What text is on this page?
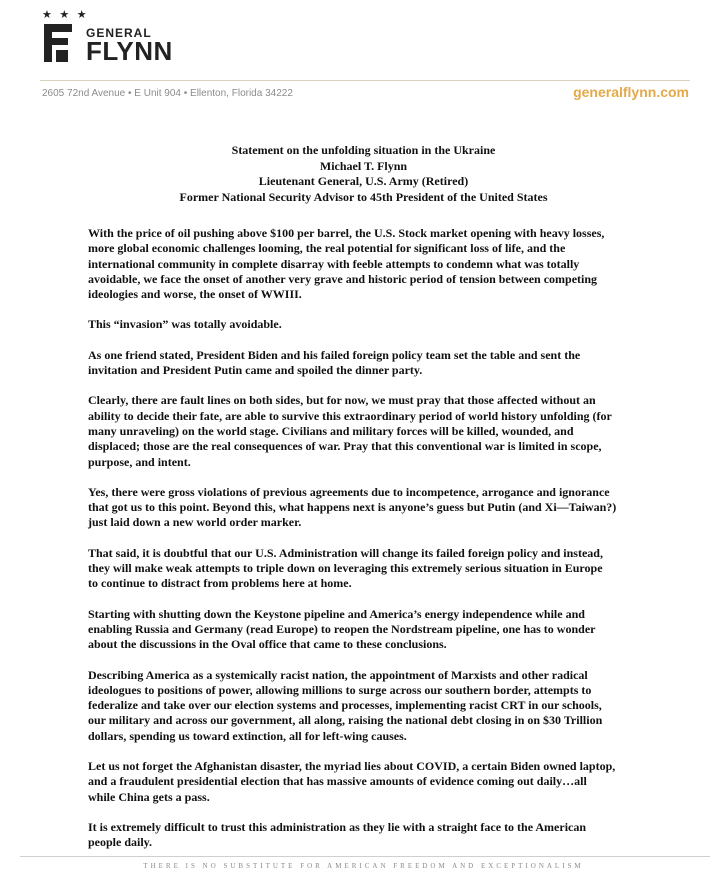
★ ★ ★
GENERAL
FLYNN
2605 72nd Avenue • E Unit 904 • Ellenton, Florida 34222	generalflynn.com
Statement on the unfolding situation in the Ukraine
Michael T. Flynn
Lieutenant General, U.S. Army (Retired)
Former National Security Advisor to 45th President of the United States
With the price of oil pushing above $100 per barrel, the U.S. Stock market opening with heavy losses,
more global economic challenges looming, the real potential for significant loss of life, and the
international community in complete disarray with feeble attempts to condemn what was totally
avoidable, we face the onset of another very grave and historic period of tension between competing
ideologies and worse, the onset of WWIII.
This “invasion” was totally avoidable.
As one friend stated, President Biden and his failed foreign policy team set the table and sent the
invitation and President Putin came and spoiled the dinner party.
Clearly, there are fault lines on both sides, but for now, we must pray that those affected without an
ability to decide their fate, are able to survive this extraordinary period of world history unfolding (for
many unraveling) on the world stage. Civilians and military forces will be killed, wounded, and
displaced; those are the real consequences of war. Pray that this conventional war is limited in scope,
purpose, and intent.
Yes, there were gross violations of previous agreements due to incompetence, arrogance and ignorance
that got us to this point. Beyond this, what happens next is anyone’s guess but Putin (and Xi—Taiwan?)
just laid down a new world order marker.
That said, it is doubtful that our U.S. Administration will change its failed foreign policy and instead,
they will make weak attempts to triple down on leveraging this extremely serious situation in Europe
to continue to distract from problems here at home.
Starting with shutting down the Keystone pipeline and America’s energy independence while and
enabling Russia and Germany (read Europe) to reopen the Nordstream pipeline, one has to wonder
about the discussions in the Oval office that came to these conclusions.
Describing America as a systemically racist nation, the appointment of Marxists and other radical
ideologues to positions of power, allowing millions to surge across our southern border, attempts to
federalize and take over our election systems and processes, implementing racist CRT in our schools,
our military and across our government, all along, raising the national debt closing in on $30 Trillion
dollars, spending us toward extinction, all for left-wing causes.
Let us not forget the Afghanistan disaster, the myriad lies about COVID, a certain Biden owned laptop,
and a fraudulent presidential election that has massive amounts of evidence coming out daily…all
while China gets a pass.
It is extremely difficult to trust this administration as they lie with a straight face to the American
people daily.
THERE IS NO SUBSTITUTE FOR AMERICAN FREEDOM AND EXCEPTIONALISM
